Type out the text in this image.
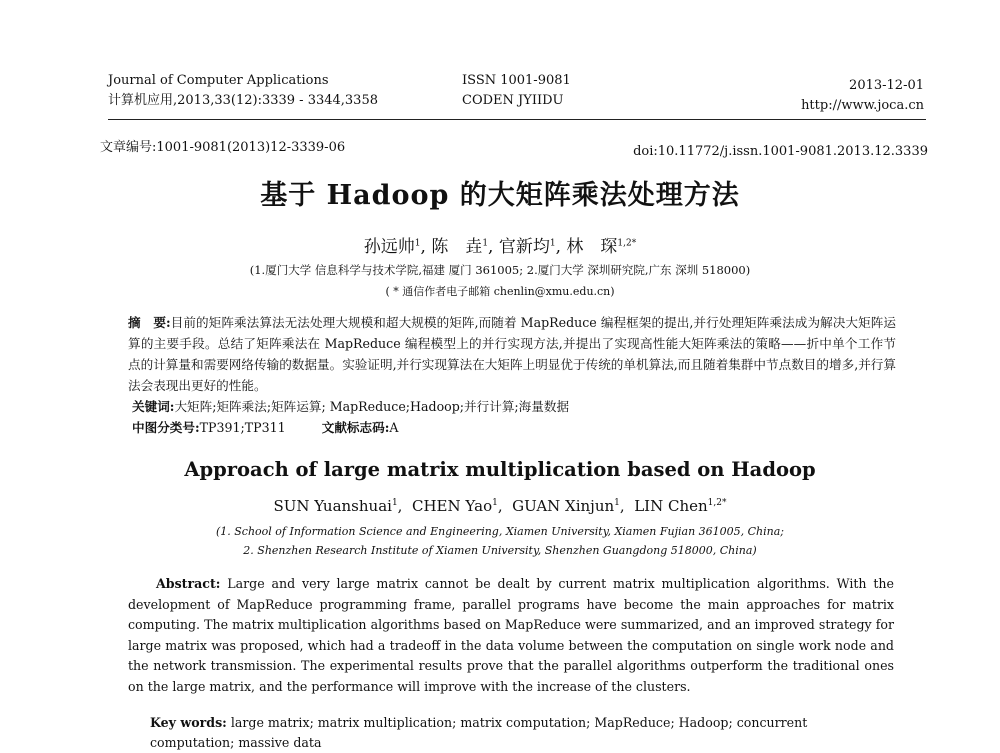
Journal of Computer Applications
计算机应用,2013,33(12):3339 - 3344,3358
ISSN 1001-9081
CODEN JYIIDU
2013-12-01
http://www.joca.cn
文章编号:1001-9081(2013)12-3339-06	doi:10.11772/j.issn.1001-9081.2013.12.3339
基于 Hadoop 的大矩阵乘法处理方法
孙远帅$^1$, 陈　垚$^1$, 官新均$^1$, 林　琛$^{1,2*}$
(1.厦门大学 信息科学与技术学院,福建 厦门 361005; 2.厦门大学 深圳研究院,广东 深圳 518000)
( * 通信作者电子邮箱 chenlin@xmu.edu.cn)
摘　要:目前的矩阵乘法算法无法处理大规模和超大规模的矩阵,而随着 MapReduce 编程框架的提出,并行处理矩阵乘法成为解决大矩阵运算的主要手段。总结了矩阵乘法在 MapReduce 编程模型上的并行实现方法,并提出了实现高性能大矩阵乘法的策略——折中单个工作节点的计算量和需要网络传输的数据量。实验证明,并行实现算法在大矩阵上明显优于传统的单机算法,而且随着集群中节点数目的增多,并行算法会表现出更好的性能。
关键词:大矩阵;矩阵乘法;矩阵运算; MapReduce;Hadoop;并行计算;海量数据
中图分类号:TP391;TP311	文献标志码:A
Approach of large matrix multiplication based on Hadoop
SUN Yuanshuai$^1$,  CHEN Yao$^1$,  GUAN Xinjun$^1$,  LIN Chen$^{1,2*}$
(1. School of Information Science and Engineering, Xiamen University, Xiamen Fujian 361005, China;
2. Shenzhen Research Institute of Xiamen University, Shenzhen Guangdong 518000, China)
Abstract: Large and very large matrix cannot be dealt by current matrix multiplication algorithms. With the development of MapReduce programming frame, parallel programs have become the main approaches for matrix computing. The matrix multiplication algorithms based on MapReduce were summarized, and an improved strategy for large matrix was proposed, which had a tradeoff in the data volume between the computation on single work node and the network transmission. The experimental results prove that the parallel algorithms outperform the traditional ones on the large matrix, and the performance will improve with the increase of the clusters.
Key words: large matrix; matrix multiplication; matrix computation; MapReduce; Hadoop; concurrent computation; massive data
